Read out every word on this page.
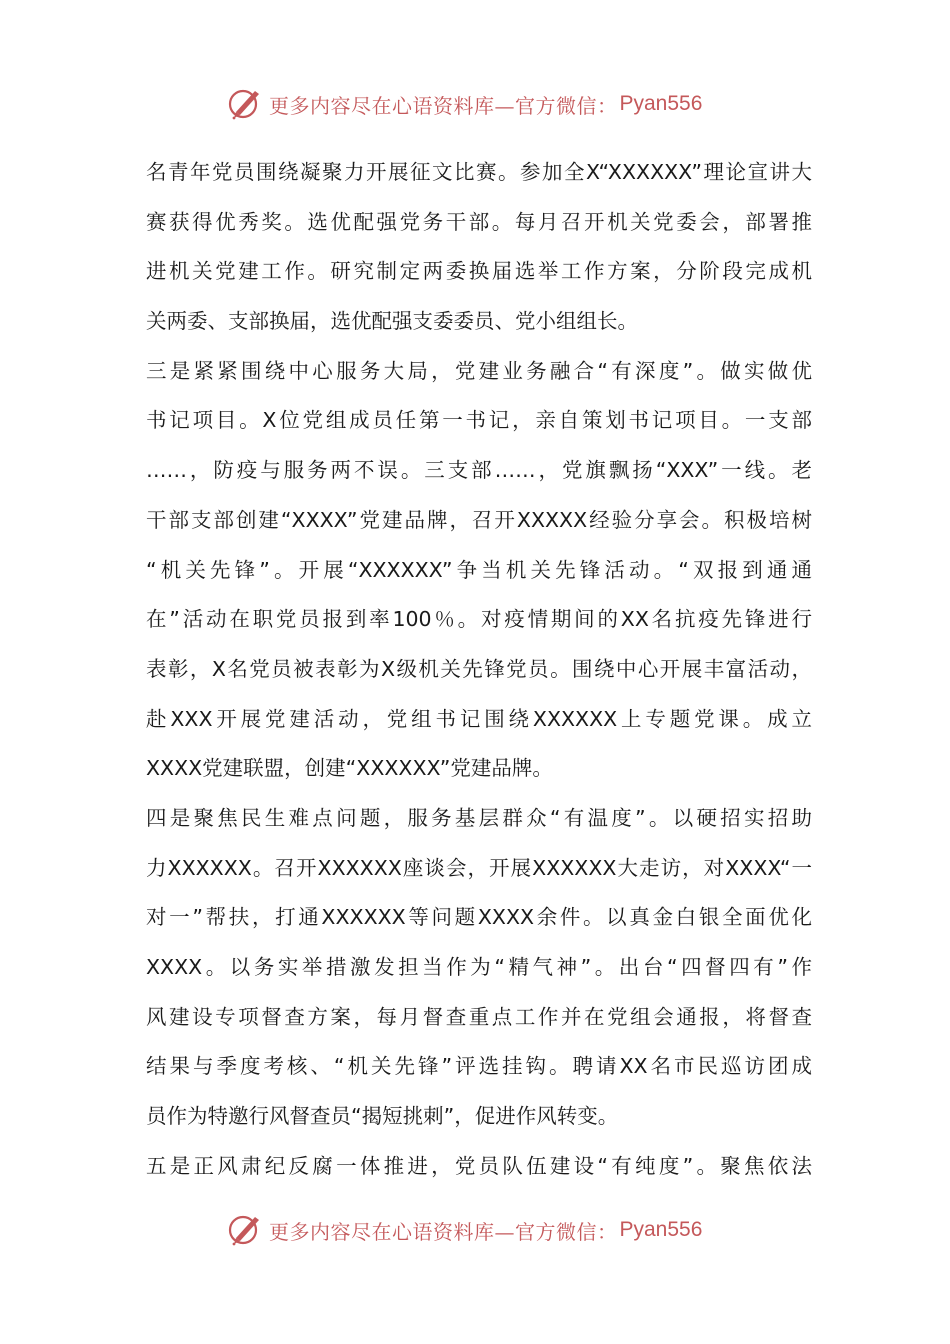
更多内容尽在心语资料库—官方微信： Pyan556
名青年党员围绕凝聚力开展征文比赛。参加全X“XXXXXX”理论宣讲大
赛获得优秀奖。选优配强党务干部。每月召开机关党委会，部署推
进机关党建工作。研究制定两委换届选举工作方案，分阶段完成机
关两委、支部换届，选优配强支委委员、党小组组长。
三是紧紧围绕中心服务大局，党建业务融合“有深度”。做实做优
书记项目。X位党组成员任第一书记，亲自策划书记项目。一支部
……，防疫与服务两不误。三支部……，党旗飘扬“XXX”一线。老
干部支部创建“XXXX”党建品牌，召开XXXXX经验分享会。积极培树
“机关先锋”。开展“XXXXXX”争当机关先锋活动。“双报到通通
在”活动在职党员报到率100％。对疫情期间的XX名抗疫先锋进行
表彰，X名党员被表彰为X级机关先锋党员。围绕中心开展丰富活动，
赴XXX开展党建活动，党组书记围绕XXXXXX上专题党课。成立
XXXX党建联盟，创建“XXXXXX”党建品牌。
四是聚焦民生难点问题，服务基层群众“有温度”。以硬招实招助
力XXXXXX。召开XXXXXX座谈会，开展XXXXXX大走访，对XXXX“一
对一”帮扶，打通XXXXXX等问题XXXX余件。以真金白银全面优化
XXXX。以务实举措激发担当作为“精气神”。出台“四督四有”作
风建设专项督查方案，每月督查重点工作并在党组会通报，将督查
结果与季度考核、“机关先锋”评选挂钩。聘请XX名市民巡访团成
员作为特邀行风督查员“揭短挑刺”，促进作风转变。
五是正风肃纪反腐一体推进，党员队伍建设“有纯度”。聚焦依法
更多内容尽在心语资料库—官方微信： Pyan556
